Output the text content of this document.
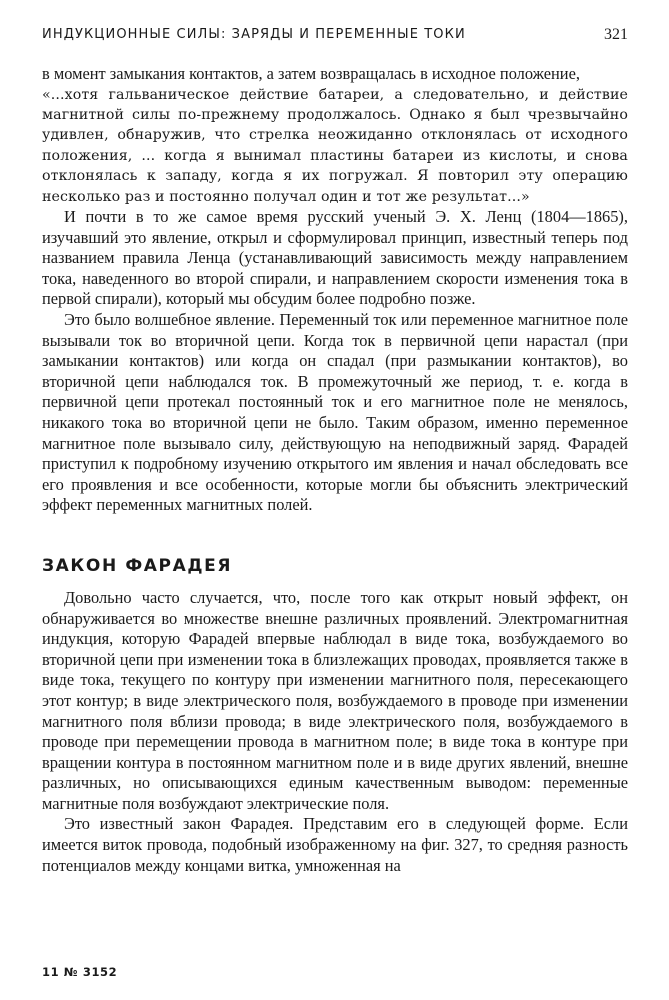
ИНДУКЦИОННЫЕ СИЛЫ: ЗАРЯДЫ И ПЕРЕМЕННЫЕ ТОКИ	321

в момент замыкания контактов, а затем возвращалась в исходное положение,

«...хотя гальваническое действие батареи, а следовательно, и действие магнитной силы по-прежнему продолжалось. Однако я был чрезвычайно удивлен, обнаружив, что стрелка неожиданно отклонялась от исходного положения, ... когда я вынимал пластины батареи из кислоты, и снова отклонялась к западу, когда я их погружал. Я повторил эту операцию несколько раз и постоянно получал один и тот же результат...»

И почти в то же самое время русский ученый Э. X. Ленц (1804—1865), изучавший это явление, открыл и сформулировал принцип, известный теперь под названием правила Ленца (устанавливающий зависимость между направлением тока, наведенного во второй спирали, и направлением скорости изменения тока в первой спирали), который мы обсудим более подробно позже.

Это было волшебное явление. Переменный ток или переменное магнитное поле вызывали ток во вторичной цепи. Когда ток в первичной цепи нарастал (при замыкании контактов) или когда он спадал (при размыкании контактов), во вторичной цепи наблюдался ток. В промежуточный же период, т. е. когда в первичной цепи протекал постоянный ток и его магнитное поле не менялось, никакого тока во вторичной цепи не было. Таким образом, именно переменное магнитное поле вызывало силу, действующую на неподвижный заряд. Фарадей приступил к подробному изучению открытого им явления и начал обследовать все его проявления и все особенности, которые могли бы объяснить электрический эффект переменных магнитных полей.

ЗАКОН ФАРАДЕЯ

Довольно часто случается, что, после того как открыт новый эффект, он обнаруживается во множестве внешне различных проявлений. Электромагнитная индукция, которую Фарадей впервые наблюдал в виде тока, возбуждаемого во вторичной цепи при изменении тока в близлежащих проводах, проявляется также в виде тока, текущего по контуру при изменении магнитного поля, пересекающего этот контур; в виде электрического поля, возбуждаемого в проводе при изменении магнитного поля вблизи провода; в виде электрического поля, возбуждаемого в проводе при перемещении провода в магнитном поле; в виде тока в контуре при вращении контура в постоянном магнитном поле и в виде других явлений, внешне различных, но описывающихся единым качественным выводом: переменные магнитные поля возбуждают электрические поля.

Это известный закон Фарадея. Представим его в следующей форме. Если имеется виток провода, подобный изображенному на фиг. 327, то средняя разность потенциалов между концами витка, умноженная на

11 № 3152
